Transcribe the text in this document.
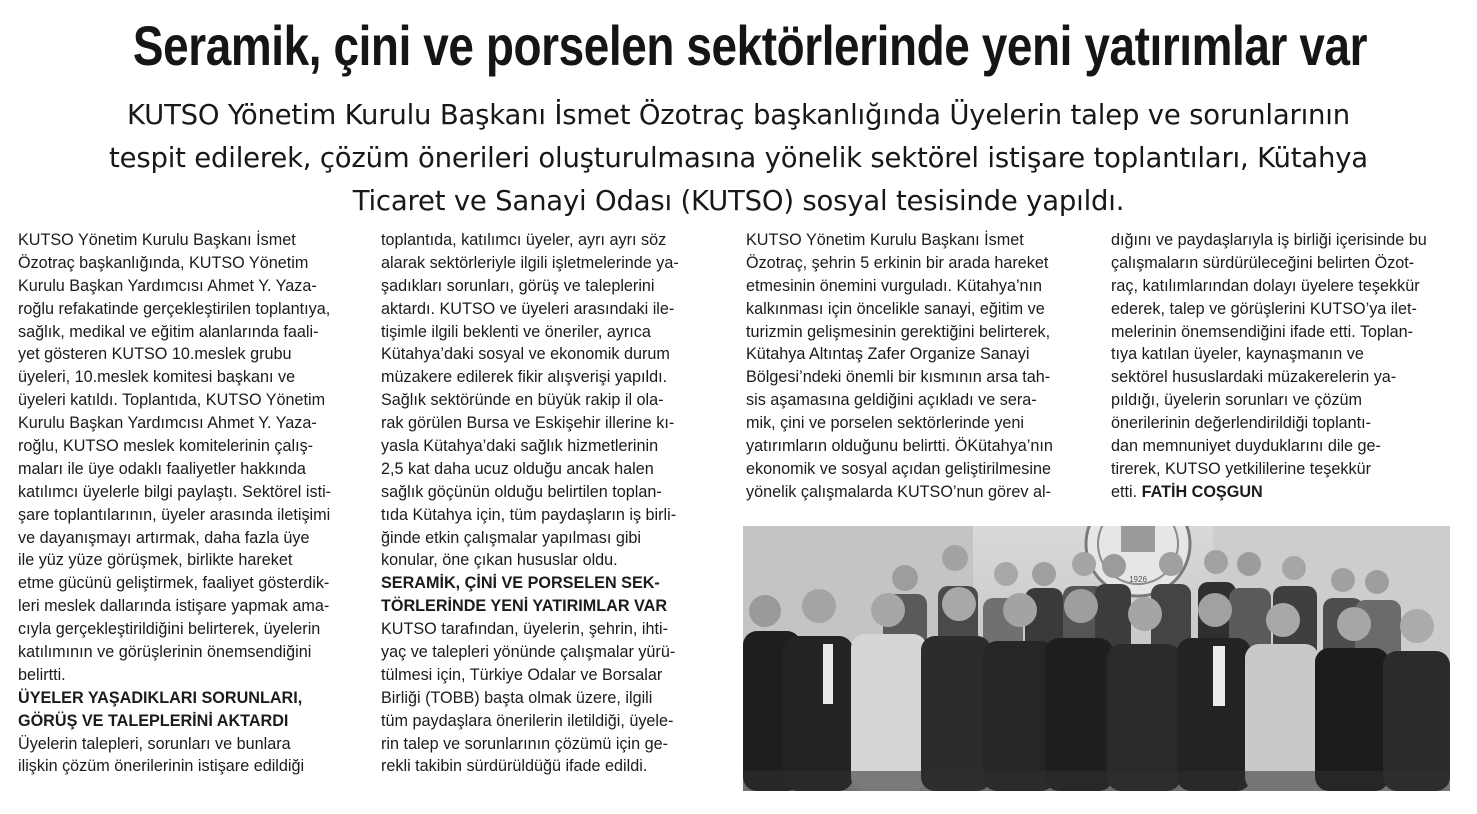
Seramik, çini ve porselen sektörlerinde yeni yatırımlar var
KUTSO Yönetim Kurulu Başkanı İsmet Özotraç başkanlığında Üyelerin talep ve sorunlarının
tespit edilerek, çözüm önerileri oluşturulmasına yönelik sektörel istişare toplantıları, Kütahya
Ticaret ve Sanayi Odası (KUTSO) sosyal tesisinde yapıldı.
KUTSO Yönetim Kurulu Başkanı İsmet
Özotraç başkanlığında, KUTSO Yönetim
Kurulu Başkan Yardımcısı Ahmet Y. Yaza-
roğlu refakatinde gerçekleştirilen toplantıya,
sağlık, medikal ve eğitim alanlarında faali-
yet gösteren KUTSO 10.meslek grubu
üyeleri, 10.meslek komitesi başkanı ve
üyeleri katıldı. Toplantıda, KUTSO Yönetim
Kurulu Başkan Yardımcısı Ahmet Y. Yaza-
roğlu, KUTSO meslek komitelerinin çalış-
maları ile üye odaklı faaliyetler hakkında
katılımcı üyelerle bilgi paylaştı. Sektörel isti-
şare toplantılarının, üyeler arasında iletişimi
ve dayanışmayı artırmak, daha fazla üye
ile yüz yüze görüşmek, birlikte hareket
etme gücünü geliştirmek, faaliyet gösterdik-
leri meslek dallarında istişare yapmak ama-
cıyla gerçekleştirildiğini belirterek, üyelerin
katılımının ve görüşlerinin önemsendiğini
belirtti.
ÜYELER YAŞADIKLARI SORUNLARI,
GÖRÜŞ VE TALEPLERİNİ AKTARDI
Üyelerin talepleri, sorunları ve bunlara
ilişkin çözüm önerilerinin istişare edildiği
toplantıda, katılımcı üyeler, ayrı ayrı söz
alarak sektörleriyle ilgili işletmelerinde ya-
şadıkları sorunları, görüş ve taleplerini
aktardı. KUTSO ve üyeleri arasındaki ile-
tişimle ilgili beklenti ve öneriler, ayrıca
Kütahya’daki sosyal ve ekonomik durum
müzakere edilerek fikir alışverişi yapıldı.
Sağlık sektöründe en büyük rakip il ola-
rak görülen Bursa ve Eskişehir illerine kı-
yasla Kütahya’daki sağlık hizmetlerinin
2,5 kat daha ucuz olduğu ancak halen
sağlık göçünün olduğu belirtilen toplan-
tıda Kütahya için, tüm paydaşların iş birli-
ğinde etkin çalışmalar yapılması gibi
konular, öne çıkan hususlar oldu.
SERAMİK, ÇİNİ VE PORSELEN SEK-
TÖRLERİNDE YENİ YATIRIMLAR VAR
KUTSO tarafından, üyelerin, şehrin, ihti-
yaç ve talepleri yönünde çalışmalar yürü-
tülmesi için, Türkiye Odalar ve Borsalar
Birliği (TOBB) başta olmak üzere, ilgili
tüm paydaşlara önerilerin iletildiği, üyele-
rin talep ve sorunlarının çözümü için ge-
rekli takibin sürdürüldüğü ifade edildi.
KUTSO Yönetim Kurulu Başkanı İsmet
Özotraç, şehrin 5 erkinin bir arada hareket
etmesinin önemini vurguladı. Kütahya’nın
kalkınması için öncelikle sanayi, eğitim ve
turizmin gelişmesinin gerektiğini belirterek,
Kütahya Altıntaş Zafer Organize Sanayi
Bölgesi’ndeki önemli bir kısmının arsa tah-
sis aşamasına geldiğini açıkladı ve sera-
mik, çini ve porselen sektörlerinde yeni
yatırımların olduğunu belirtti. ÖKütahya’nın
ekonomik ve sosyal açıdan geliştirilmesine
yönelik çalışmalarda KUTSO’nun görev al-
dığını ve paydaşlarıyla iş birliği içerisinde bu
çalışmaların sürdürüleceğini belirten Özot-
raç, katılımlarından dolayı üyelere teşekkür
ederek, talep ve görüşlerini KUTSO’ya ilet-
melerinin önemsendiğini ifade etti. Toplan-
tıya katılan üyeler, kaynaşmanın ve
sektörel hususlardaki müzakerelerin ya-
pıldığı, üyelerin sorunları ve çözüm
önerilerinin değerlendirildiği toplantı-
dan memnuniyet duyduklarını dile ge-
tirerek, KUTSO yetkililerine teşekkür
etti. FATİH COŞGUN
1926
